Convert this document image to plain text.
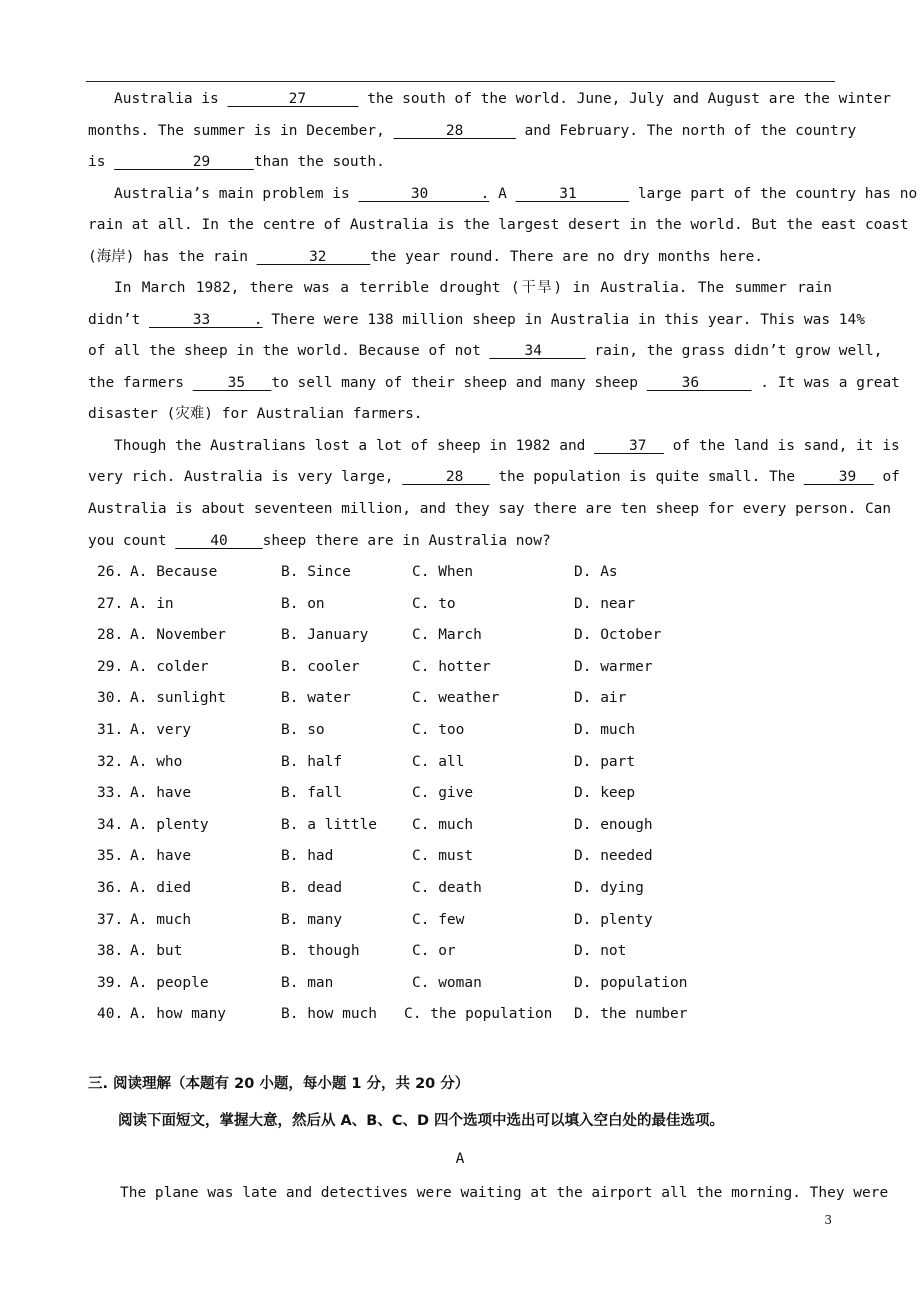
Australia is _______27______ the south of the world. June, July and August are the winter
months. The summer is in December, ______28______ and February. The north of the country
is _________29_____than the south.
Australia’s main problem is ______30______. A _____31______ large part of the country has no
rain at all. In the centre of Australia is the largest desert in the world. But the east coast
(海岸) has the rain ______32_____the year round. There are no dry months here.
In March 1982, there was a terrible drought (干旱) in Australia. The summer rain
didn’t _____33_____. There were 138 million sheep in Australia in this year. This was 14%
of all the sheep in the world. Because of not ____34_____ rain, the grass didn’t grow well,
the farmers ____35___to sell many of their sheep and many sheep ____36______ . It was a great
disaster (灾难) for Australian farmers.
Though the Australians lost a lot of sheep in 1982 and ____37__ of the land is sand, it is
very rich. Australia is very large, _____28___ the population is quite small. The ____39__ of
Australia is about seventeen million, and they say there are ten sheep for every person. Can
you count ____40____sheep there are in Australia now?
26. A. Because	B. Since	C. When	D. As
27. A. in	B. on	C. to	D. near
28. A. November	B. January	C. March	D. October
29. A. colder	B. cooler	C. hotter	D. warmer
30. A. sunlight	B. water	C. weather	D. air
31. A. very	B. so	C. too	D. much
32. A. who	B. half	C. all	D. part
33. A. have	B. fall	C. give	D. keep
34. A. plenty	B. a little C. much	D. enough
35. A. have	B. had	C. must	D. needed
36. A. died	B. dead	C. death	D. dying
37. A. much	B. many	C. few	D. plenty
38. A. but	B. though	C. or	D. not
39. A. people	B. man	C. woman	D. population
40. A. how many	B. how much C. the population D. the number
三. 阅读理解（本题有 20 小题，每小题 1 分，共 20 分）
阅读下面短文，掌握大意，然后从 A、B、C、D 四个选项中选出可以填入空白处的最佳选项。
A
The plane was late and detectives were waiting at the airport all the morning. They were
3
